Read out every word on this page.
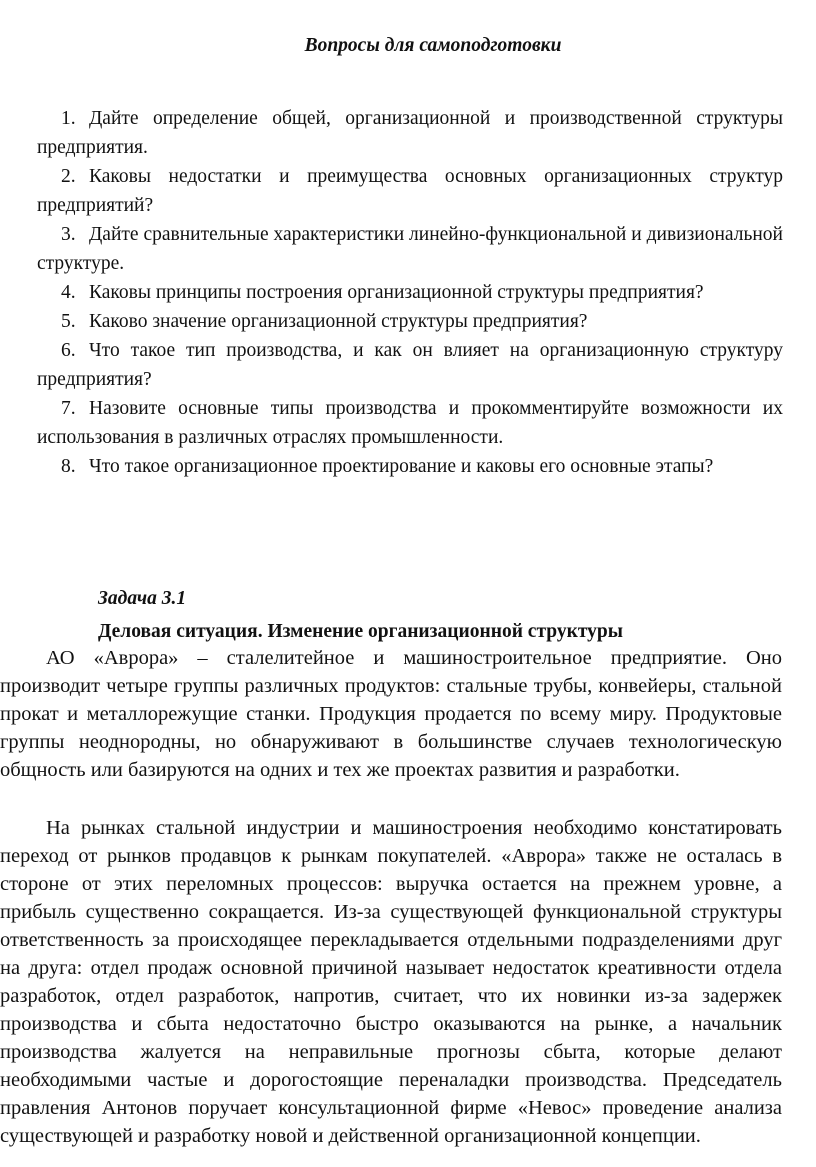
Вопросы для самоподготовки
1. Дайте определение общей, организационной и производственной структуры предприятия.
2. Каковы недостатки и преимущества основных организационных структур предприятий?
3. Дайте сравнительные характеристики линейно-функциональной и дивизиональной структуре.
4. Каковы принципы построения организационной структуры предприятия?
5. Каково значение организационной структуры предприятия?
6. Что такое тип производства, и как он влияет на организационную структуру предприятия?
7. Назовите основные типы производства и прокомментируйте возможности их использования в различных отраслях промышленности.
8. Что такое организационное проектирование и каковы его основные этапы?
Задача 3.1
Деловая ситуация. Изменение организационной структуры

АО «Аврора» – сталелитейное и машиностроительное предприятие. Оно производит четыре группы различных продуктов: стальные трубы, конвейеры, стальной прокат и металлорежущие станки. Продукция продается по всему миру. Продуктовые группы неоднородны, но обнаруживают в большинстве случаев технологическую общность или базируются на одних и тех же проектах развития и разработки.

На рынках стальной индустрии и машиностроения необходимо констатировать переход от рынков продавцов к рынкам покупателей. «Аврора» также не осталась в стороне от этих переломных процессов: выручка остается на прежнем уровне, а прибыль существенно сокращается. Из-за существующей функциональной структуры ответственность за происходящее перекладывается отдельными подразделениями друг на друга: отдел продаж основной причиной называет недостаток креативности отдела разработок, отдел разработок, напротив, считает, что их новинки из-за задержек производства и сбыта недостаточно быстро оказываются на рынке, а начальник производства жалуется на неправильные прогнозы сбыта, которые делают необходимыми частые и дорогостоящие переналадки производства. Председатель правления Антонов поручает консультационной фирме «Невос» проведение анализа существующей и разработку новой и действенной организационной концепции.
